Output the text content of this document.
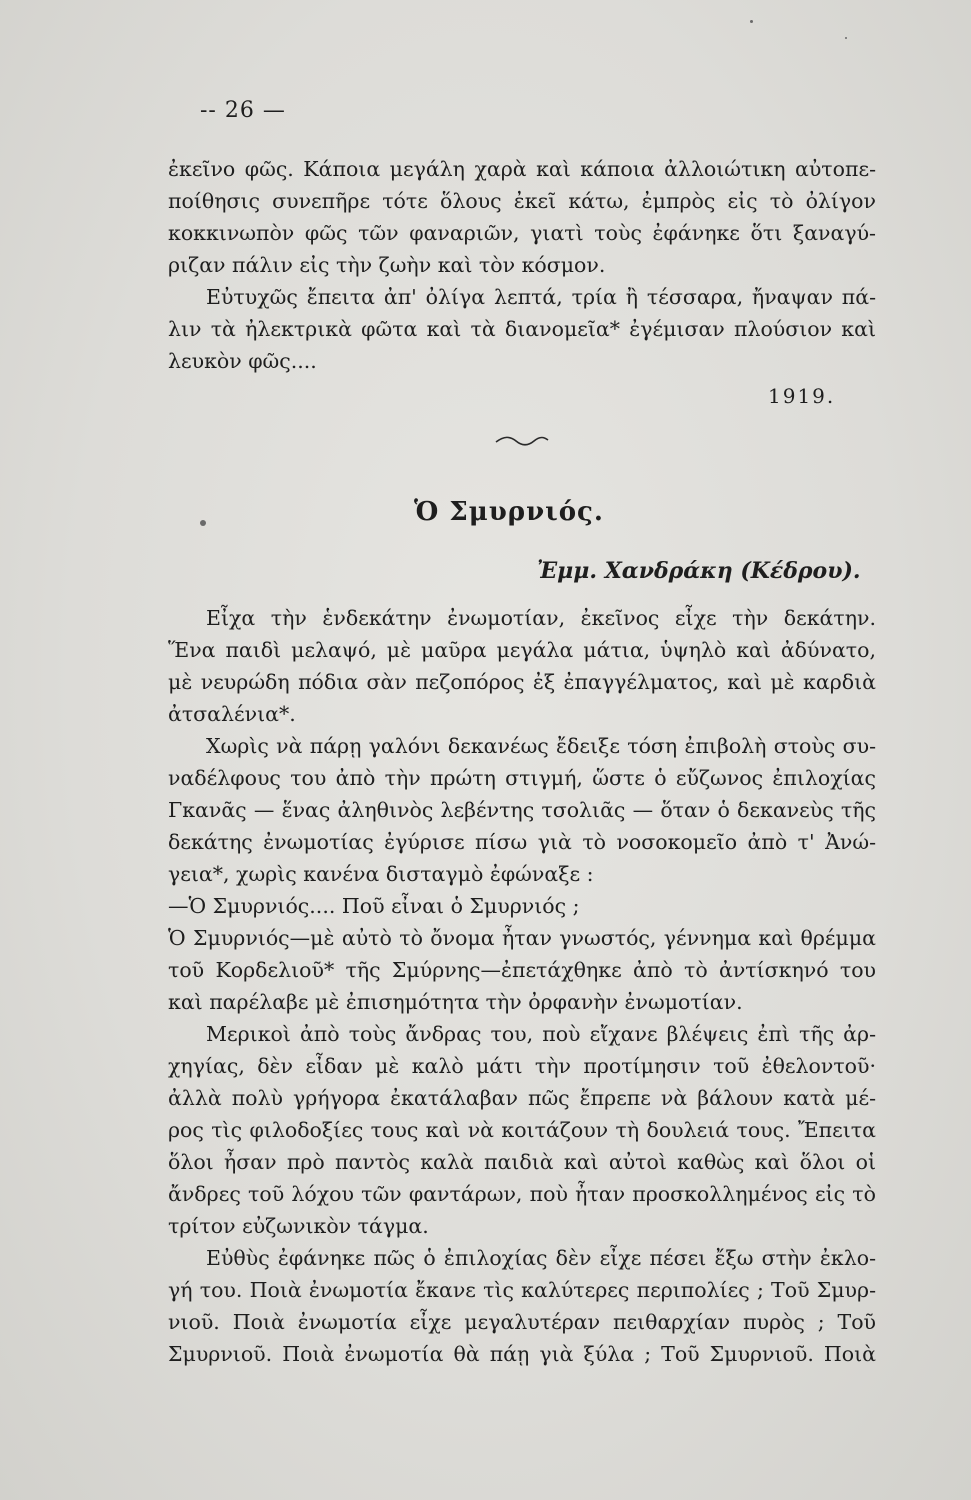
-- 26 —
ἐκεῖνο φῶς. Κάποια μεγάλη χαρὰ καὶ κάποια ἀλλοιώτικη αὐτοπε-
ποίθησις συνεπῆρε τότε ὅλους ἐκεῖ κάτω, ἐμπρὸς εἰς τὸ ὀλίγον
κοκκινωπὸν φῶς τῶν φαναριῶν, γιατὶ τοὺς ἐφάνηκε ὅτι ξαναγύ-
ριζαν πάλιν εἰς τὴν ζωὴν καὶ τὸν κόσμον.
Εὐτυχῶς ἔπειτα ἀπ' ὀλίγα λεπτά, τρία ἢ τέσσαρα, ἤναψαν πά-
λιν τὰ ἠλεκτρικὰ φῶτα καὶ τὰ διανομεῖα* ἐγέμισαν πλούσιον καὶ
λευκὸν φῶς....
1919.
Ὁ Σμυρνιός.
Ἐμμ. Χανδράκη (Κέδρου).
Εἶχα τὴν ἑνδεκάτην ἐνωμοτίαν, ἐκεῖνος εἶχε τὴν δεκάτην.
Ἕνα παιδὶ μελαψό, μὲ μαῦρα μεγάλα μάτια, ὑψηλὸ καὶ ἀδύνατο,
μὲ νευρώδη πόδια σὰν πεζοπόρος ἐξ ἐπαγγέλματος, καὶ μὲ καρδιὰ
ἀτσαλένια*.
Χωρὶς νὰ πάρῃ γαλόνι δεκανέως ἔδειξε τόση ἐπιβολὴ στοὺς συ-
ναδέλφους του ἀπὸ τὴν πρώτη στιγμή, ὥστε ὁ εὔζωνος ἐπιλοχίας
Γκανᾶς — ἕνας ἀληθινὸς λεβέντης τσολιᾶς — ὅταν ὁ δεκανεὺς τῆς
δεκάτης ἐνωμοτίας ἐγύρισε πίσω γιὰ τὸ νοσοκομεῖο ἀπὸ τ' Ἀνώ-
γεια*, χωρὶς κανένα δισταγμὸ ἐφώναξε :
—Ὁ Σμυρνιός.... Ποῦ εἶναι ὁ Σμυρνιός ;
Ὁ Σμυρνιός—μὲ αὐτὸ τὸ ὄνομα ἦταν γνωστός, γέννημα καὶ θρέμμα
τοῦ Κορδελιοῦ* τῆς Σμύρνης—ἐπετάχθηκε ἀπὸ τὸ ἀντίσκηνό του
καὶ παρέλαβε μὲ ἐπισημότητα τὴν ὀρφανὴν ἐνωμοτίαν.
Μερικοὶ ἀπὸ τοὺς ἄνδρας του, ποὺ εἴχανε βλέψεις ἐπὶ τῆς ἀρ-
χηγίας, δὲν εἶδαν μὲ καλὸ μάτι τὴν προτίμησιν τοῦ ἐθελοντοῦ·
ἀλλὰ πολὺ γρήγορα ἐκατάλαβαν πῶς ἔπρεπε νὰ βάλουν κατὰ μέ-
ρος τὶς φιλοδοξίες τους καὶ νὰ κοιτάζουν τὴ δουλειά τους. Ἔπειτα
ὅλοι ἦσαν πρὸ παντὸς καλὰ παιδιὰ καὶ αὐτοὶ καθὼς καὶ ὅλοι οἱ
ἄνδρες τοῦ λόχου τῶν φαντάρων, ποὺ ἦταν προσκολλημένος εἰς τὸ
τρίτον εὐζωνικὸν τάγμα.
Εὐθὺς ἐφάνηκε πῶς ὁ ἐπιλοχίας δὲν εἶχε πέσει ἔξω στὴν ἐκλο-
γή του. Ποιὰ ἐνωμοτία ἔκανε τὶς καλύτερες περιπολίες ; Τοῦ Σμυρ-
νιοῦ. Ποιὰ ἐνωμοτία εἶχε μεγαλυτέραν πειθαρχίαν πυρὸς ; Τοῦ
Σμυρνιοῦ. Ποιὰ ἐνωμοτία θὰ πάῃ γιὰ ξύλα ; Τοῦ Σμυρνιοῦ. Ποιὰ
